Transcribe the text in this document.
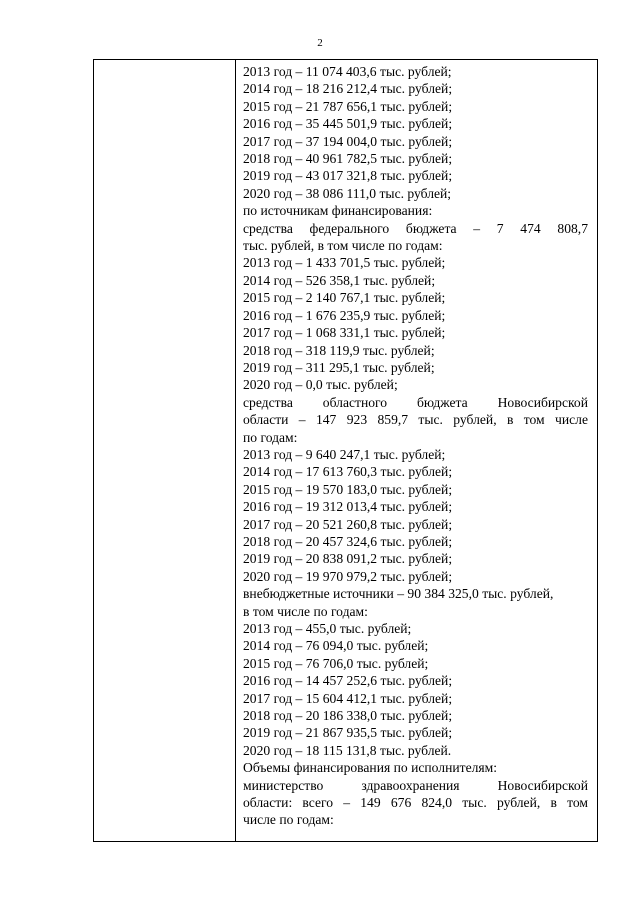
2
2013 год – 11 074 403,6 тыс. рублей;
2014 год – 18 216 212,4 тыс. рублей;
2015 год – 21 787 656,1 тыс. рублей;
2016 год – 35 445 501,9 тыс. рублей;
2017 год – 37 194 004,0 тыс. рублей;
2018 год – 40 961 782,5 тыс. рублей;
2019 год – 43 017 321,8 тыс. рублей;
2020 год – 38 086 111,0 тыс. рублей;
по источникам финансирования:
средства федерального бюджета – 7 474 808,7
тыс. рублей, в том числе по годам:
2013 год – 1 433 701,5 тыс. рублей;
2014 год – 526 358,1 тыс. рублей;
2015 год – 2 140 767,1 тыс. рублей;
2016 год – 1 676 235,9 тыс. рублей;
2017 год – 1 068 331,1 тыс. рублей;
2018 год – 318 119,9 тыс. рублей;
2019 год – 311 295,1 тыс. рублей;
2020 год – 0,0 тыс. рублей;
средства областного бюджета Новосибирской
области – 147 923 859,7 тыс. рублей, в том числе
по годам:
2013 год – 9 640 247,1 тыс. рублей;
2014 год – 17 613 760,3 тыс. рублей;
2015 год – 19 570 183,0 тыс. рублей;
2016 год – 19 312 013,4 тыс. рублей;
2017 год – 20 521 260,8 тыс. рублей;
2018 год – 20 457 324,6 тыс. рублей;
2019 год – 20 838 091,2 тыс. рублей;
2020 год – 19 970 979,2 тыс. рублей;
внебюджетные источники – 90 384 325,0 тыс. рублей,
в том числе по годам:
2013 год – 455,0 тыс. рублей;
2014 год – 76 094,0 тыс. рублей;
2015 год – 76 706,0 тыс. рублей;
2016 год – 14 457 252,6 тыс. рублей;
2017 год – 15 604 412,1 тыс. рублей;
2018 год – 20 186 338,0 тыс. рублей;
2019 год – 21 867 935,5 тыс. рублей;
2020 год – 18 115 131,8 тыс. рублей.
Объемы финансирования по исполнителям:
министерство здравоохранения Новосибирской
области: всего – 149 676 824,0 тыс. рублей, в том
числе по годам:
